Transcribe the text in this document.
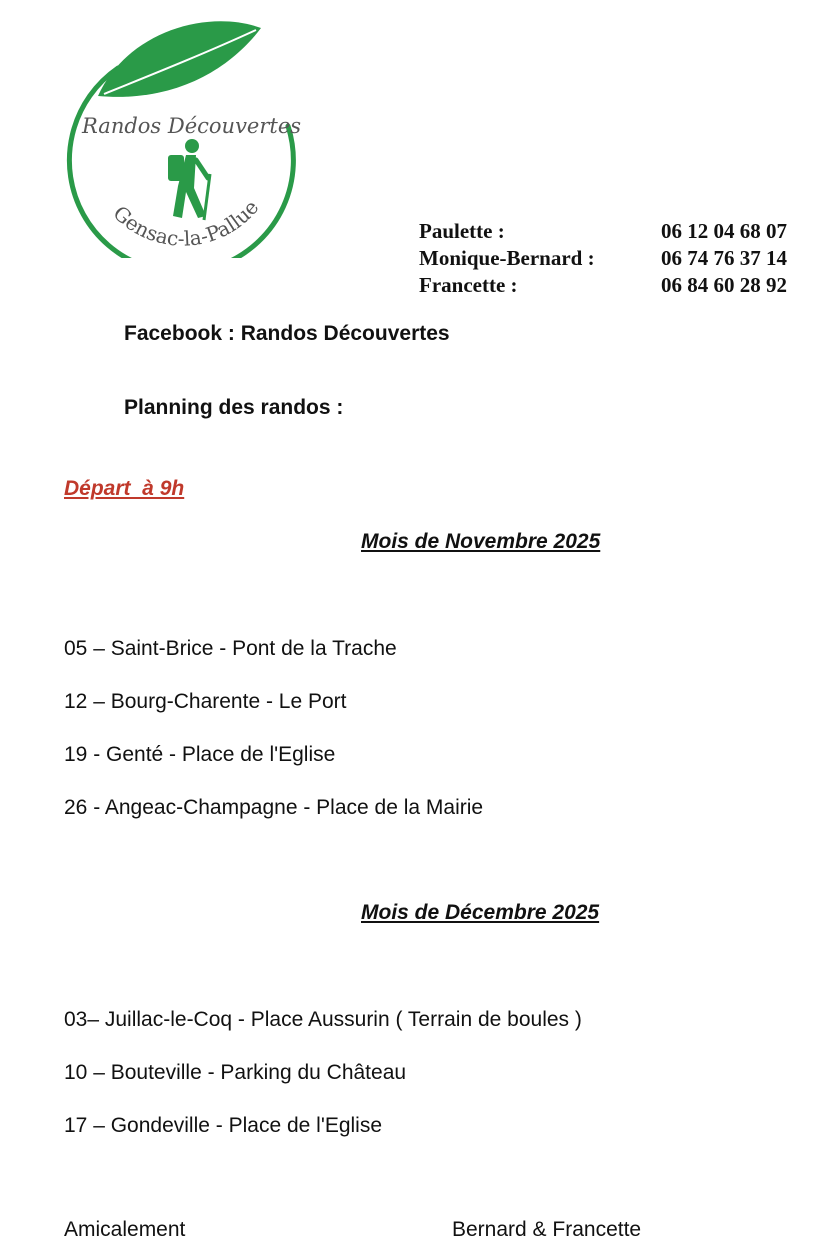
Randos Découvertes
Gensac-la-Pallue
Paulette :	06 12 04 68 07
Monique-Bernard :	06 74 76 37 14
Francette :	06 84 60 28 92
Facebook : Randos Découvertes
Planning des randos :
Départ  à 9h
Mois de Novembre 2025
05 – Saint-Brice - Pont de la Trache
12 – Bourg-Charente - Le Port
19 - Genté - Place de l'Eglise
26 - Angeac-Champagne - Place de la Mairie
Mois de Décembre 2025
03– Juillac-le-Coq - Place Aussurin ( Terrain de boules )
10 – Bouteville - Parking du Château
17 – Gondeville - Place de l'Eglise
Amicalement	Bernard & Francette
